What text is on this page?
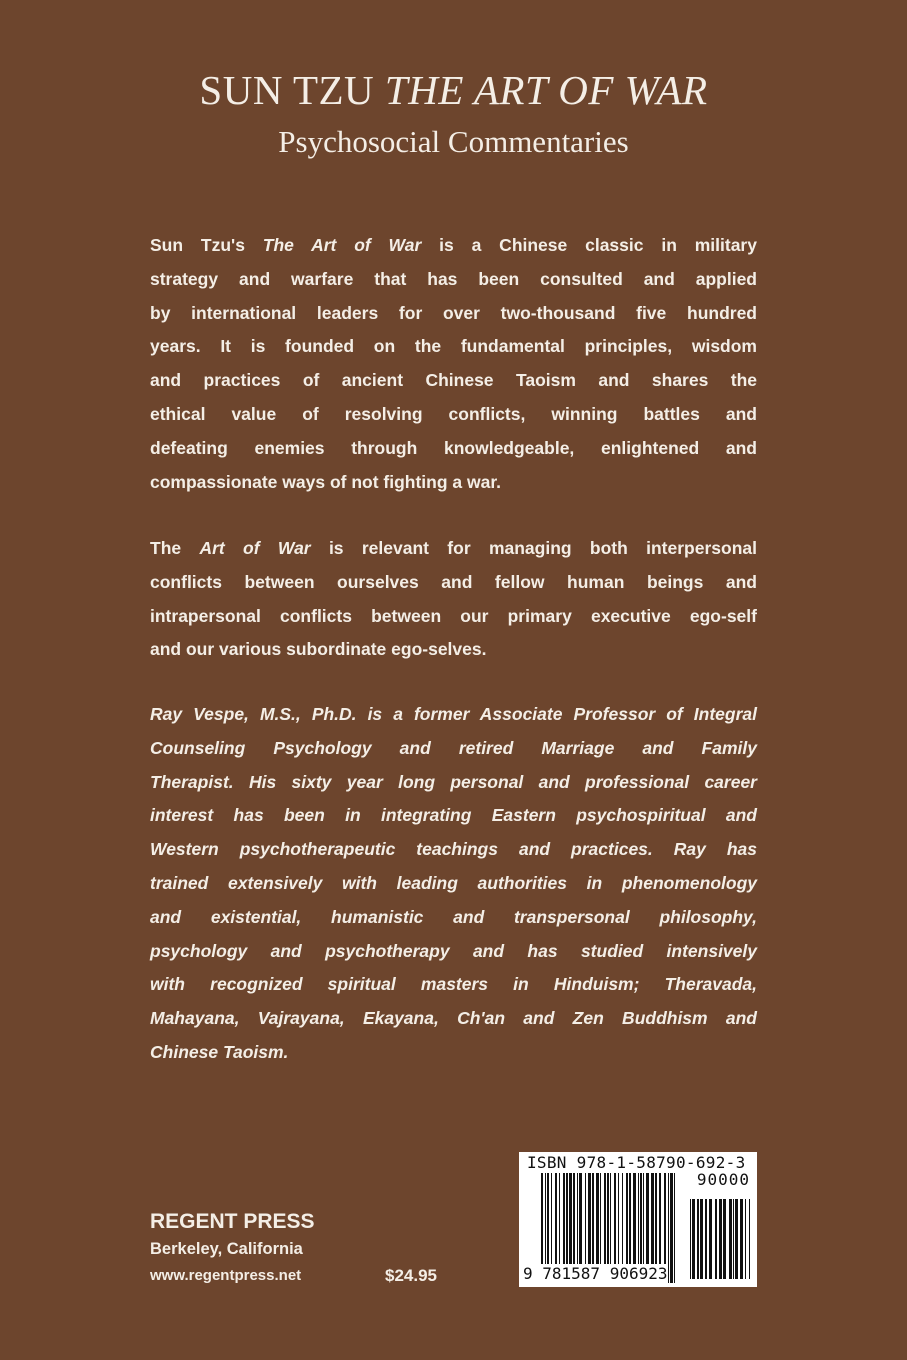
SUN TZU THE ART OF WAR
Psychosocial Commentaries
Sun Tzu's The Art of War is a Chinese classic in military
strategy and warfare that has been consulted and applied
by international leaders for over two-thousand five hundred
years. It is founded on the fundamental principles, wisdom
and practices of ancient Chinese Taoism and shares the
ethical value of resolving conflicts, winning battles and
defeating enemies through knowledgeable, enlightened and
compassionate ways of not fighting a war.
The Art of War is relevant for managing both interpersonal
conflicts between ourselves and fellow human beings and
intrapersonal conflicts between our primary executive ego-self
and our various subordinate ego-selves.
Ray Vespe, M.S., Ph.D. is a former Associate Professor of Integral
Counseling Psychology and retired Marriage and Family
Therapist. His sixty year long personal and professional career
interest has been in integrating Eastern psychospiritual and
Western psychotherapeutic teachings and practices. Ray has
trained extensively with leading authorities in phenomenology
and existential, humanistic and transpersonal philosophy,
psychology and psychotherapy and has studied intensively
with recognized spiritual masters in Hinduism; Theravada,
Mahayana, Vajrayana, Ekayana, Ch'an and Zen Buddhism and
Chinese Taoism.
REGENT PRESS
Berkeley, California
www.regentpress.net	$24.95
ISBN 978-1-58790-692-3
90000
9 781587 906923
